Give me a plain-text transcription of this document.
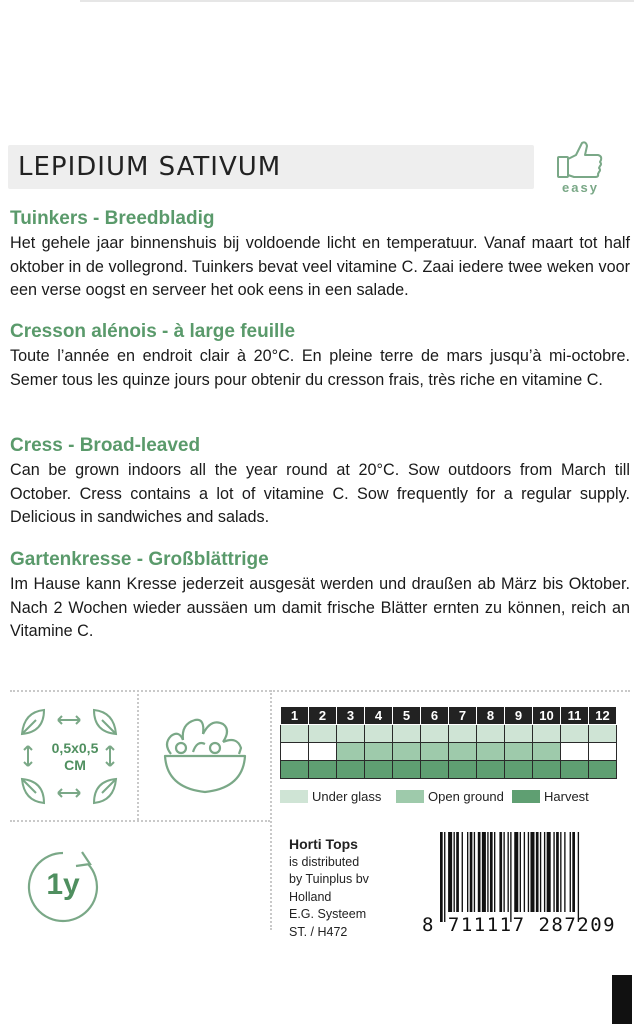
LEPIDIUM SATIVUM
easy
Tuinkers - Breedbladig

Het gehele jaar binnenshuis bij voldoende licht en temperatuur. Vanaf maart tot half oktober in de vollegrond. Tuinkers bevat veel vitamine C. Zaai iedere twee weken voor een verse oogst en serveer het ook eens in een salade.

Cresson alénois - à large feuille

Toute l’année en endroit clair à 20°C. En pleine terre de mars jusqu’à mi-octobre. Semer tous les quinze jours pour obtenir du cresson frais, très riche en vitamine C.

Cress - Broad-leaved

Can be grown indoors all the year round at 20°C. Sow outdoors from March till October. Cress contains a lot of vitamine C. Sow frequently for a regular supply. Delicious in sandwiches and salads.

Gartenkresse - Großblättrige

Im Hause kann Kresse jederzeit ausgesät werden und draußen ab März bis Oktober. Nach 2 Wochen wieder aussäen um damit frische Blätter ernten zu können, reich an Vitamine C.

0,5x0,5
CM
1y
1	2	3	4	5	6	7	8	9	10	11	12

Under glass	Open ground	Harvest
Horti Tops
is distributed
by Tuinplus bv
Holland
E.G. Systeem
ST. / H472	8 711117 287209
